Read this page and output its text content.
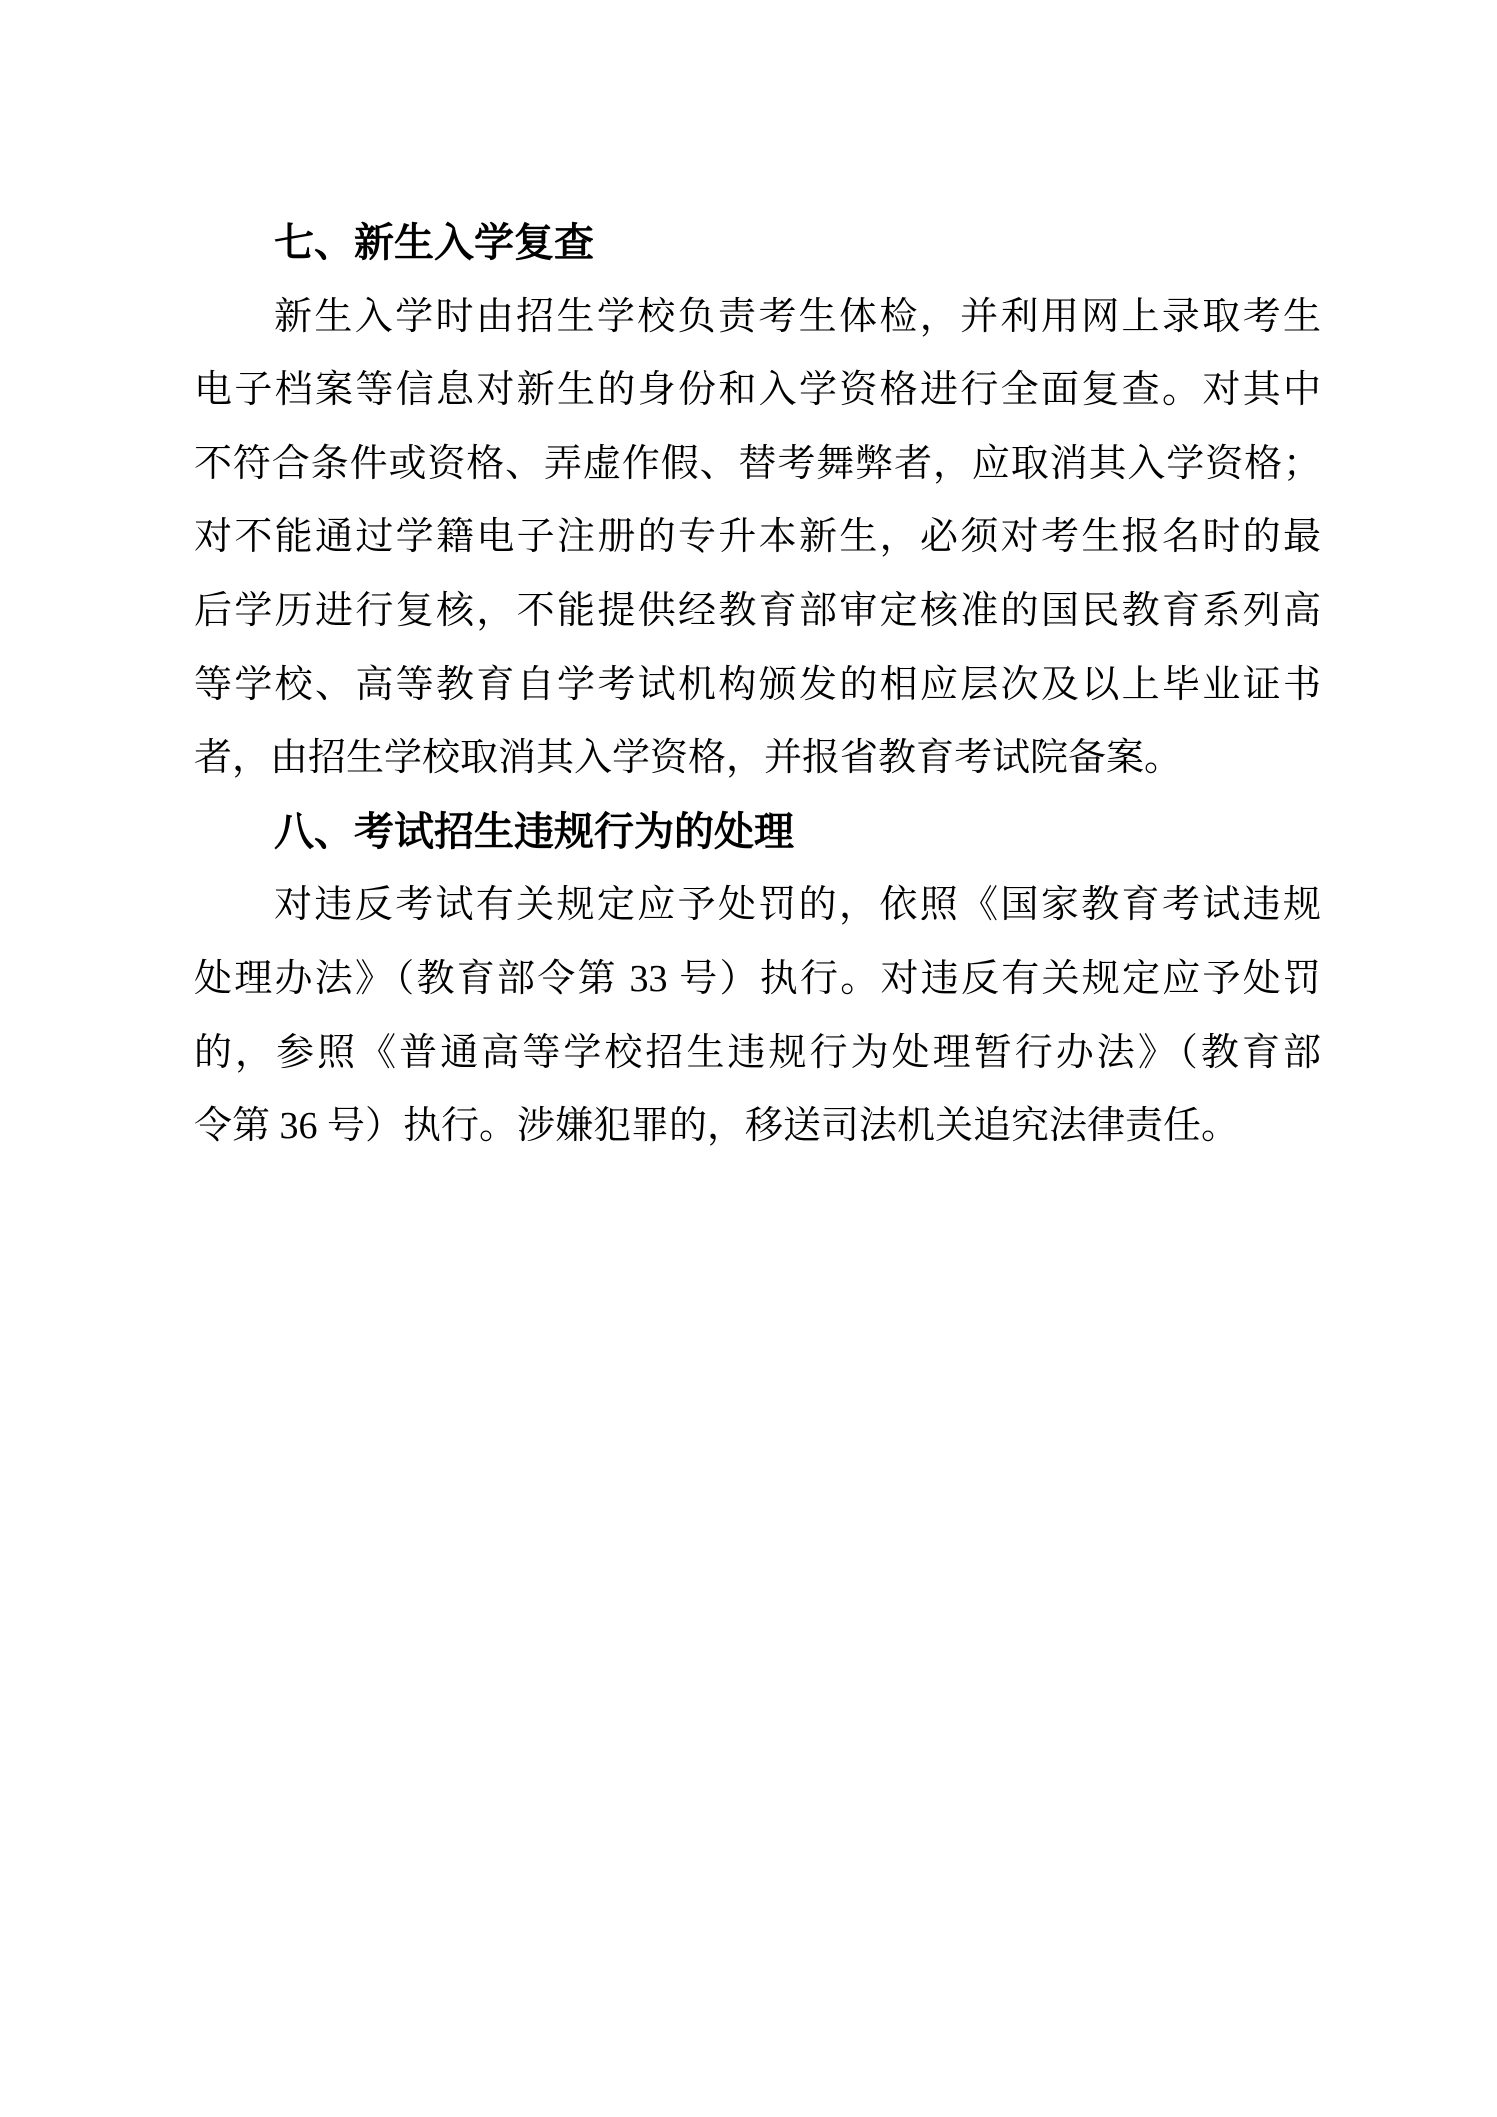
七、新生入学复查
新生入学时由招生学校负责考生体检，并利用网上录取考生
电子档案等信息对新生的身份和入学资格进行全面复查。对其中
不符合条件或资格、弄虚作假、替考舞弊者，应取消其入学资格；
对不能通过学籍电子注册的专升本新生，必须对考生报名时的最
后学历进行复核，不能提供经教育部审定核准的国民教育系列高
等学校、高等教育自学考试机构颁发的相应层次及以上毕业证书
者，由招生学校取消其入学资格，并报省教育考试院备案。
八、考试招生违规行为的处理
对违反考试有关规定应予处罚的，依照《国家教育考试违规
处理办法》（教育部令第 33 号）执行。对违反有关规定应予处罚
的，参照《普通高等学校招生违规行为处理暂行办法》（教育部
令第 36 号）执行。涉嫌犯罪的，移送司法机关追究法律责任。
